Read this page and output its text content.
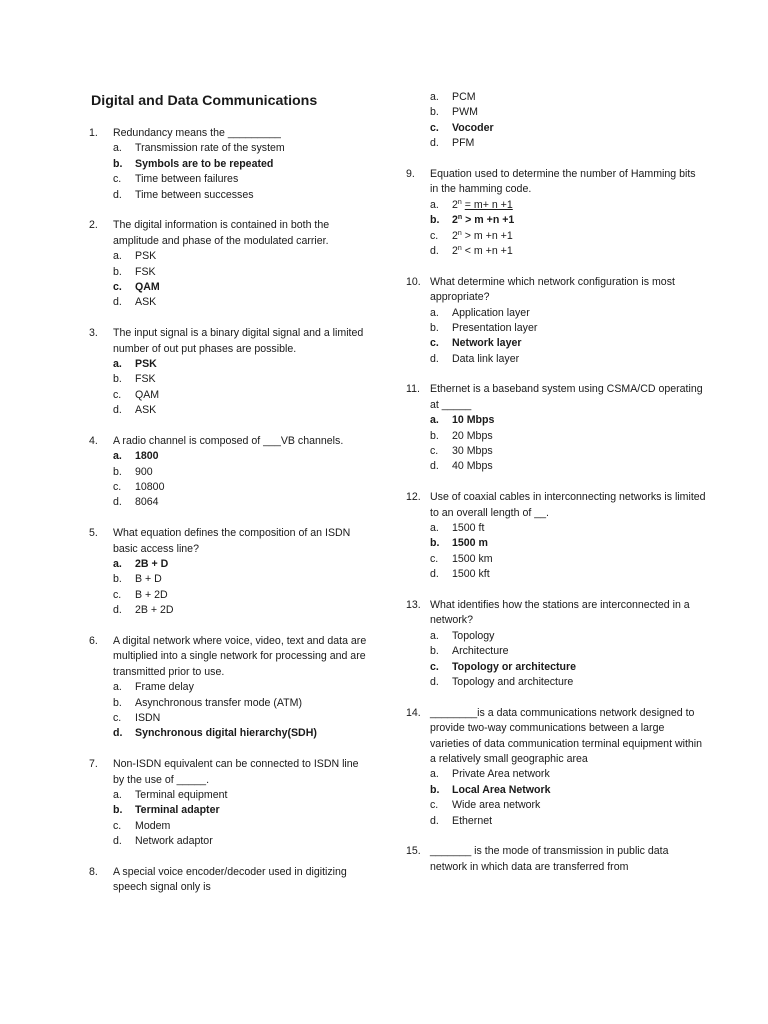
Digital and Data Communications
1.	Redundancy means the _________
a.	Transmission rate of the system
b.	Symbols are to be repeated
c.	Time between failures
d.	Time between successes
2.	The digital information is contained in both the amplitude and phase of the modulated carrier.
a.	PSK
b.	FSK
c.	QAM
d.	ASK
3.	The input signal is a binary digital signal and a limited number of out put phases are possible.
a.	PSK
b.	FSK
c.	QAM
d.	ASK
4.	A radio channel is composed of ___VB channels.
a.	1800
b.	900
c.	10800
d.	8064
5.	What equation defines the composition of an ISDN basic access line?
a.	2B + D
b.	B + D
c.	B + 2D
d.	2B + 2D
6.	A digital network where voice, video, text and data are multiplied into a single network for processing and are transmitted prior to use.
a.	Frame delay
b.	Asynchronous transfer mode (ATM)
c.	ISDN
d.	Synchronous digital hierarchy(SDH)
7.	Non-ISDN equivalent can be connected to ISDN line by the use of _____.
a.	Terminal equipment
b.	Terminal adapter
c.	Modem
d.	Network adaptor
8.	A special voice encoder/decoder used in digitizing speech signal only is
a.	PCM
b.	PWM
c.	Vocoder
d.	PFM
9.	Equation used to determine the number of Hamming bits in the hamming code.
a.	$2^n = m+ n +1$
b.	$2^n > m +n +1$
c.	$2^n > m +n +1$
d.	$2^n < m +n +1$
10. What determine which network configuration is most appropriate?
a.	Application layer
b.	Presentation layer
c.	Network layer
d.	Data link layer
11. Ethernet is a baseband system using CSMA/CD operating at _____
a.	10 Mbps
b.	20 Mbps
c.	30 Mbps
d.	40 Mbps
12. Use of coaxial cables in interconnecting networks is limited to an overall length of __.
a.	1500 ft
b.	1500 m
c.	1500 km
d.	1500 kft
13. What identifies how the stations are interconnected in a network?
a.	Topology
b.	Architecture
c.	Topology or architecture
d.	Topology and architecture
14. ________is a data communications network designed to provide two-way communications between a large varieties of data communication terminal equipment within a relatively small geographic area
a.	Private Area network
b.	Local Area Network
c.	Wide area network
d.	Ethernet
15. _______ is the mode of transmission in public data network in which data are transferred from
